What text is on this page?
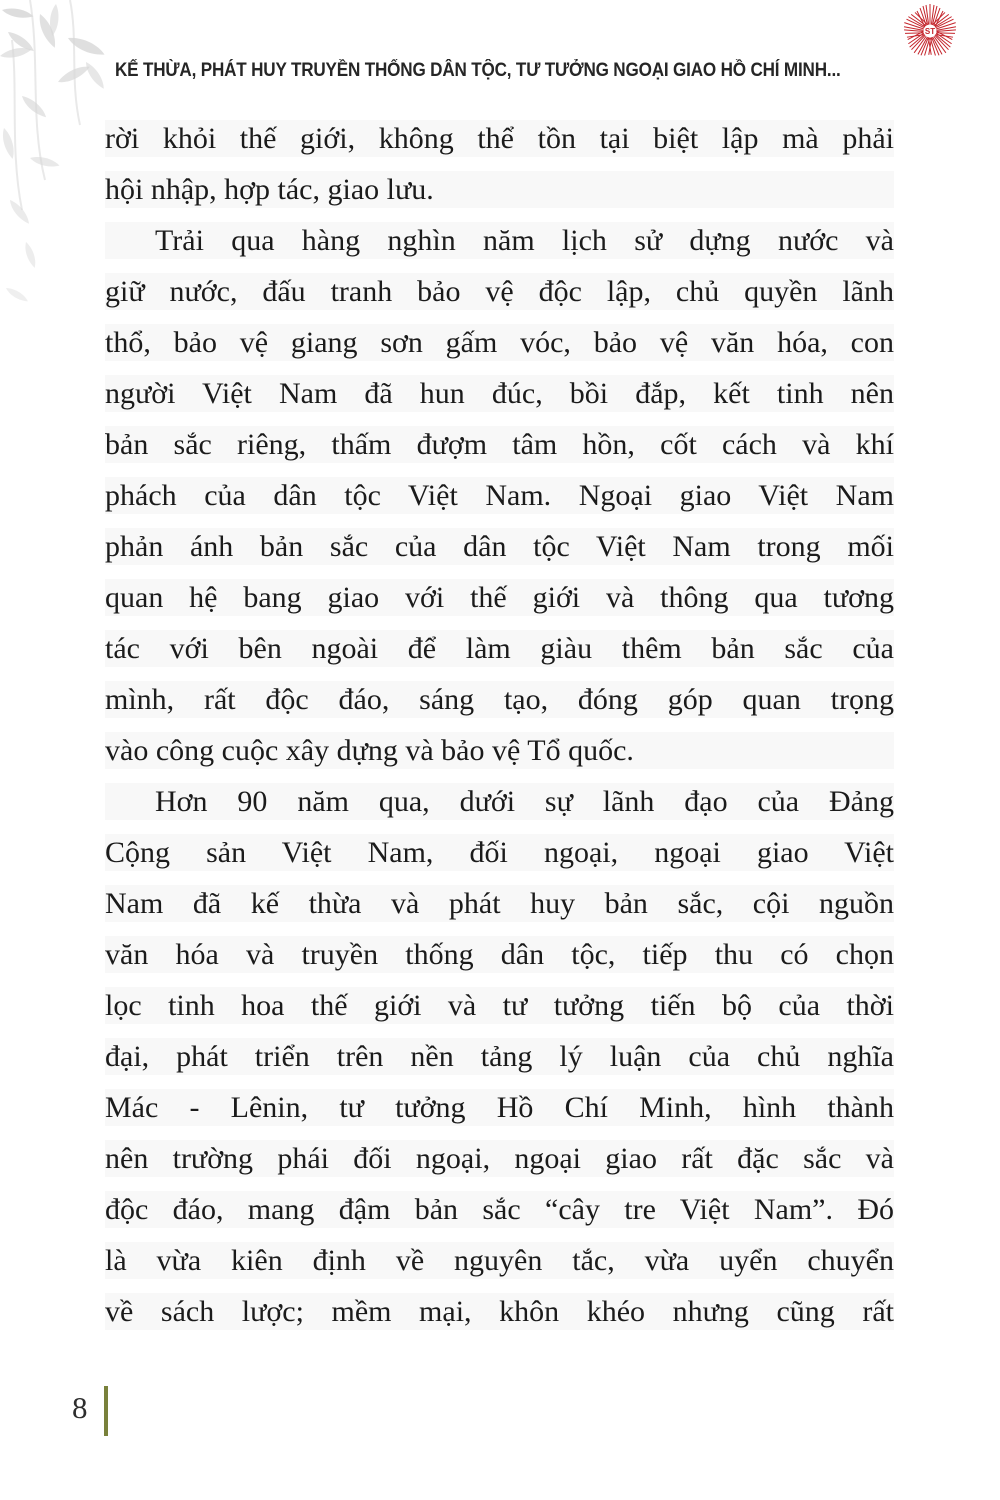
ST
KẾ THỪA, PHÁT HUY TRUYỀN THỐNG DÂN TỘC, TƯ TƯỞNG NGOẠI GIAO HỒ CHÍ MINH...
rời khỏi thế giới, không thể tồn tại biệt lập mà phải
hội nhập, hợp tác, giao lưu.
Trải qua hàng nghìn năm lịch sử dựng nước và
giữ nước, đấu tranh bảo vệ độc lập, chủ quyền lãnh
thổ, bảo vệ giang sơn gấm vóc, bảo vệ văn hóa, con
người Việt Nam đã hun đúc, bồi đắp, kết tinh nên
bản sắc riêng, thấm đượm tâm hồn, cốt cách và khí
phách của dân tộc Việt Nam. Ngoại giao Việt Nam
phản ánh bản sắc của dân tộc Việt Nam trong mối
quan hệ bang giao với thế giới và thông qua tương
tác với bên ngoài để làm giàu thêm bản sắc của
mình, rất độc đáo, sáng tạo, đóng góp quan trọng
vào công cuộc xây dựng và bảo vệ Tổ quốc.
Hơn 90 năm qua, dưới sự lãnh đạo của Đảng
Cộng sản Việt Nam, đối ngoại, ngoại giao Việt
Nam đã kế thừa và phát huy bản sắc, cội nguồn
văn hóa và truyền thống dân tộc, tiếp thu có chọn
lọc tinh hoa thế giới và tư tưởng tiến bộ của thời
đại, phát triển trên nền tảng lý luận của chủ nghĩa
Mác - Lênin, tư tưởng Hồ Chí Minh, hình thành
nên trường phái đối ngoại, ngoại giao rất đặc sắc và
độc đáo, mang đậm bản sắc “cây tre Việt Nam”. Đó
là vừa kiên định về nguyên tắc, vừa uyển chuyển
về sách lược; mềm mại, khôn khéo nhưng cũng rất
8
